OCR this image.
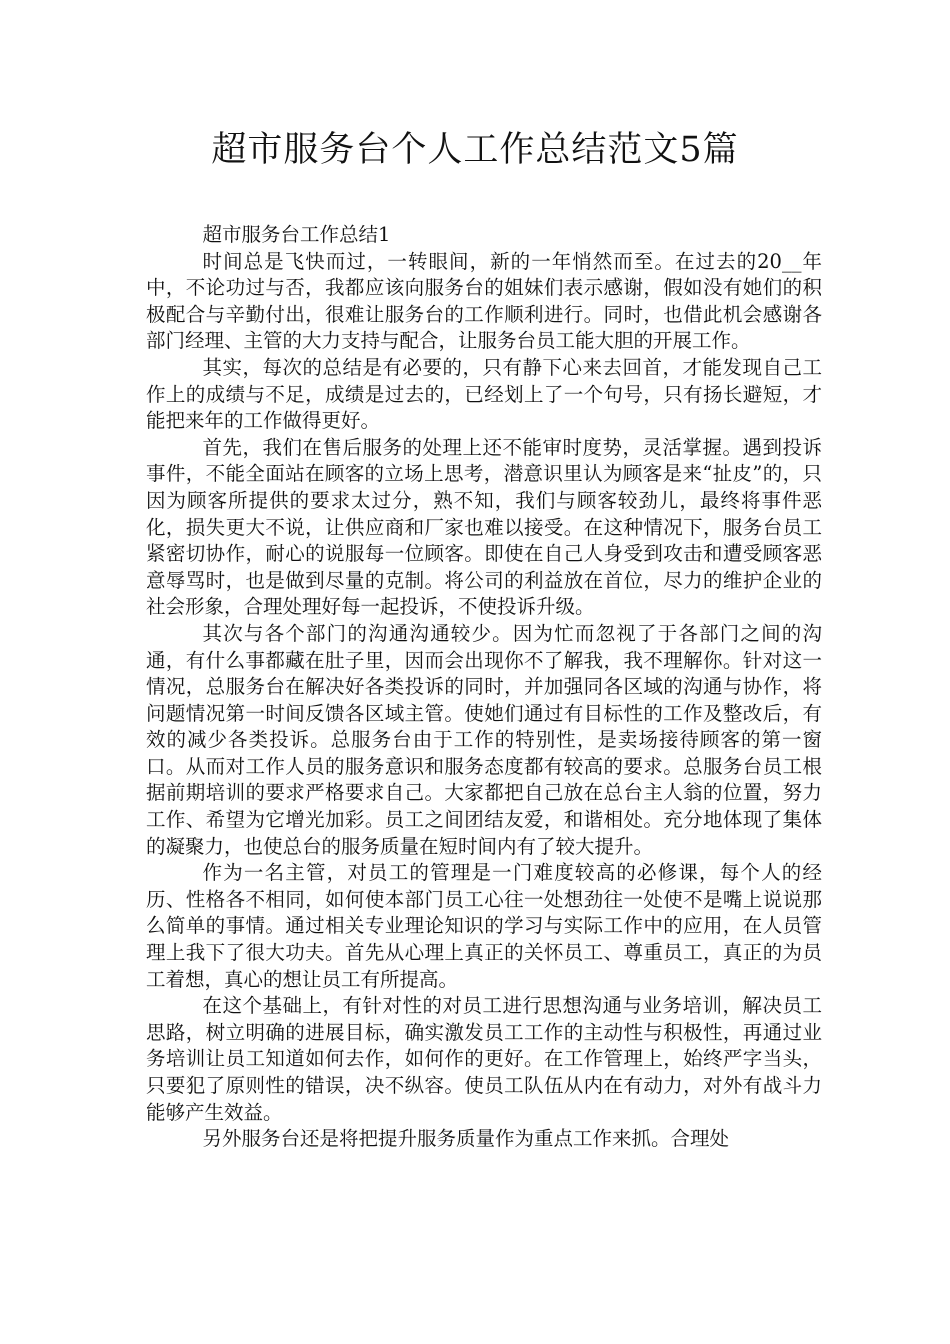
超市服务台个人工作总结范文5篇

超市服务台工作总结1

时间总是飞快而过，一转眼间，新的一年悄然而至。在过去的20__年中，不论功过与否，我都应该向服务台的姐妹们表示感谢，假如没有她们的积极配合与辛勤付出，很难让服务台的工作顺利进行。同时，也借此机会感谢各部门经理、主管的大力支持与配合，让服务台员工能大胆的开展工作。

其实，每次的总结是有必要的，只有静下心来去回首，才能发现自己工作上的成绩与不足，成绩是过去的，已经划上了一个句号，只有扬长避短，才能把来年的工作做得更好。

首先，我们在售后服务的处理上还不能审时度势，灵活掌握。遇到投诉事件，不能全面站在顾客的立场上思考，潜意识里认为顾客是来“扯皮”的，只因为顾客所提供的要求太过分，熟不知，我们与顾客较劲儿，最终将事件恶化，损失更大不说，让供应商和厂家也难以接受。在这种情况下，服务台员工紧密切协作，耐心的说服每一位顾客。即使在自己人身受到攻击和遭受顾客恶意辱骂时，也是做到尽量的克制。将公司的利益放在首位，尽力的维护企业的社会形象，合理处理好每一起投诉，不使投诉升级。

其次与各个部门的沟通沟通较少。因为忙而忽视了于各部门之间的沟通，有什么事都藏在肚子里，因而会出现你不了解我，我不理解你。针对这一情况，总服务台在解决好各类投诉的同时，并加强同各区域的沟通与协作，将问题情况第一时间反馈各区域主管。使她们通过有目标性的工作及整改后，有效的减少各类投诉。总服务台由于工作的特别性，是卖场接待顾客的第一窗口。从而对工作人员的服务意识和服务态度都有较高的要求。总服务台员工根据前期培训的要求严格要求自己。大家都把自己放在总台主人翁的位置，努力工作、希望为它增光加彩。员工之间团结友爱，和谐相处。充分地体现了集体的凝聚力，也使总台的服务质量在短时间内有了较大提升。

作为一名主管，对员工的管理是一门难度较高的必修课，每个人的经历、性格各不相同，如何使本部门员工心往一处想劲往一处使不是嘴上说说那么简单的事情。通过相关专业理论知识的学习与实际工作中的应用，在人员管理上我下了很大功夫。首先从心理上真正的关怀员工、尊重员工，真正的为员工着想，真心的想让员工有所提高。

在这个基础上，有针对性的对员工进行思想沟通与业务培训，解决员工思路，树立明确的进展目标，确实激发员工工作的主动性与积极性，再通过业务培训让员工知道如何去作，如何作的更好。在工作管理上，始终严字当头，只要犯了原则性的错误，决不纵容。使员工队伍从内在有动力，对外有战斗力能够产生效益。

另外服务台还是将把提升服务质量作为重点工作来抓。合理处
